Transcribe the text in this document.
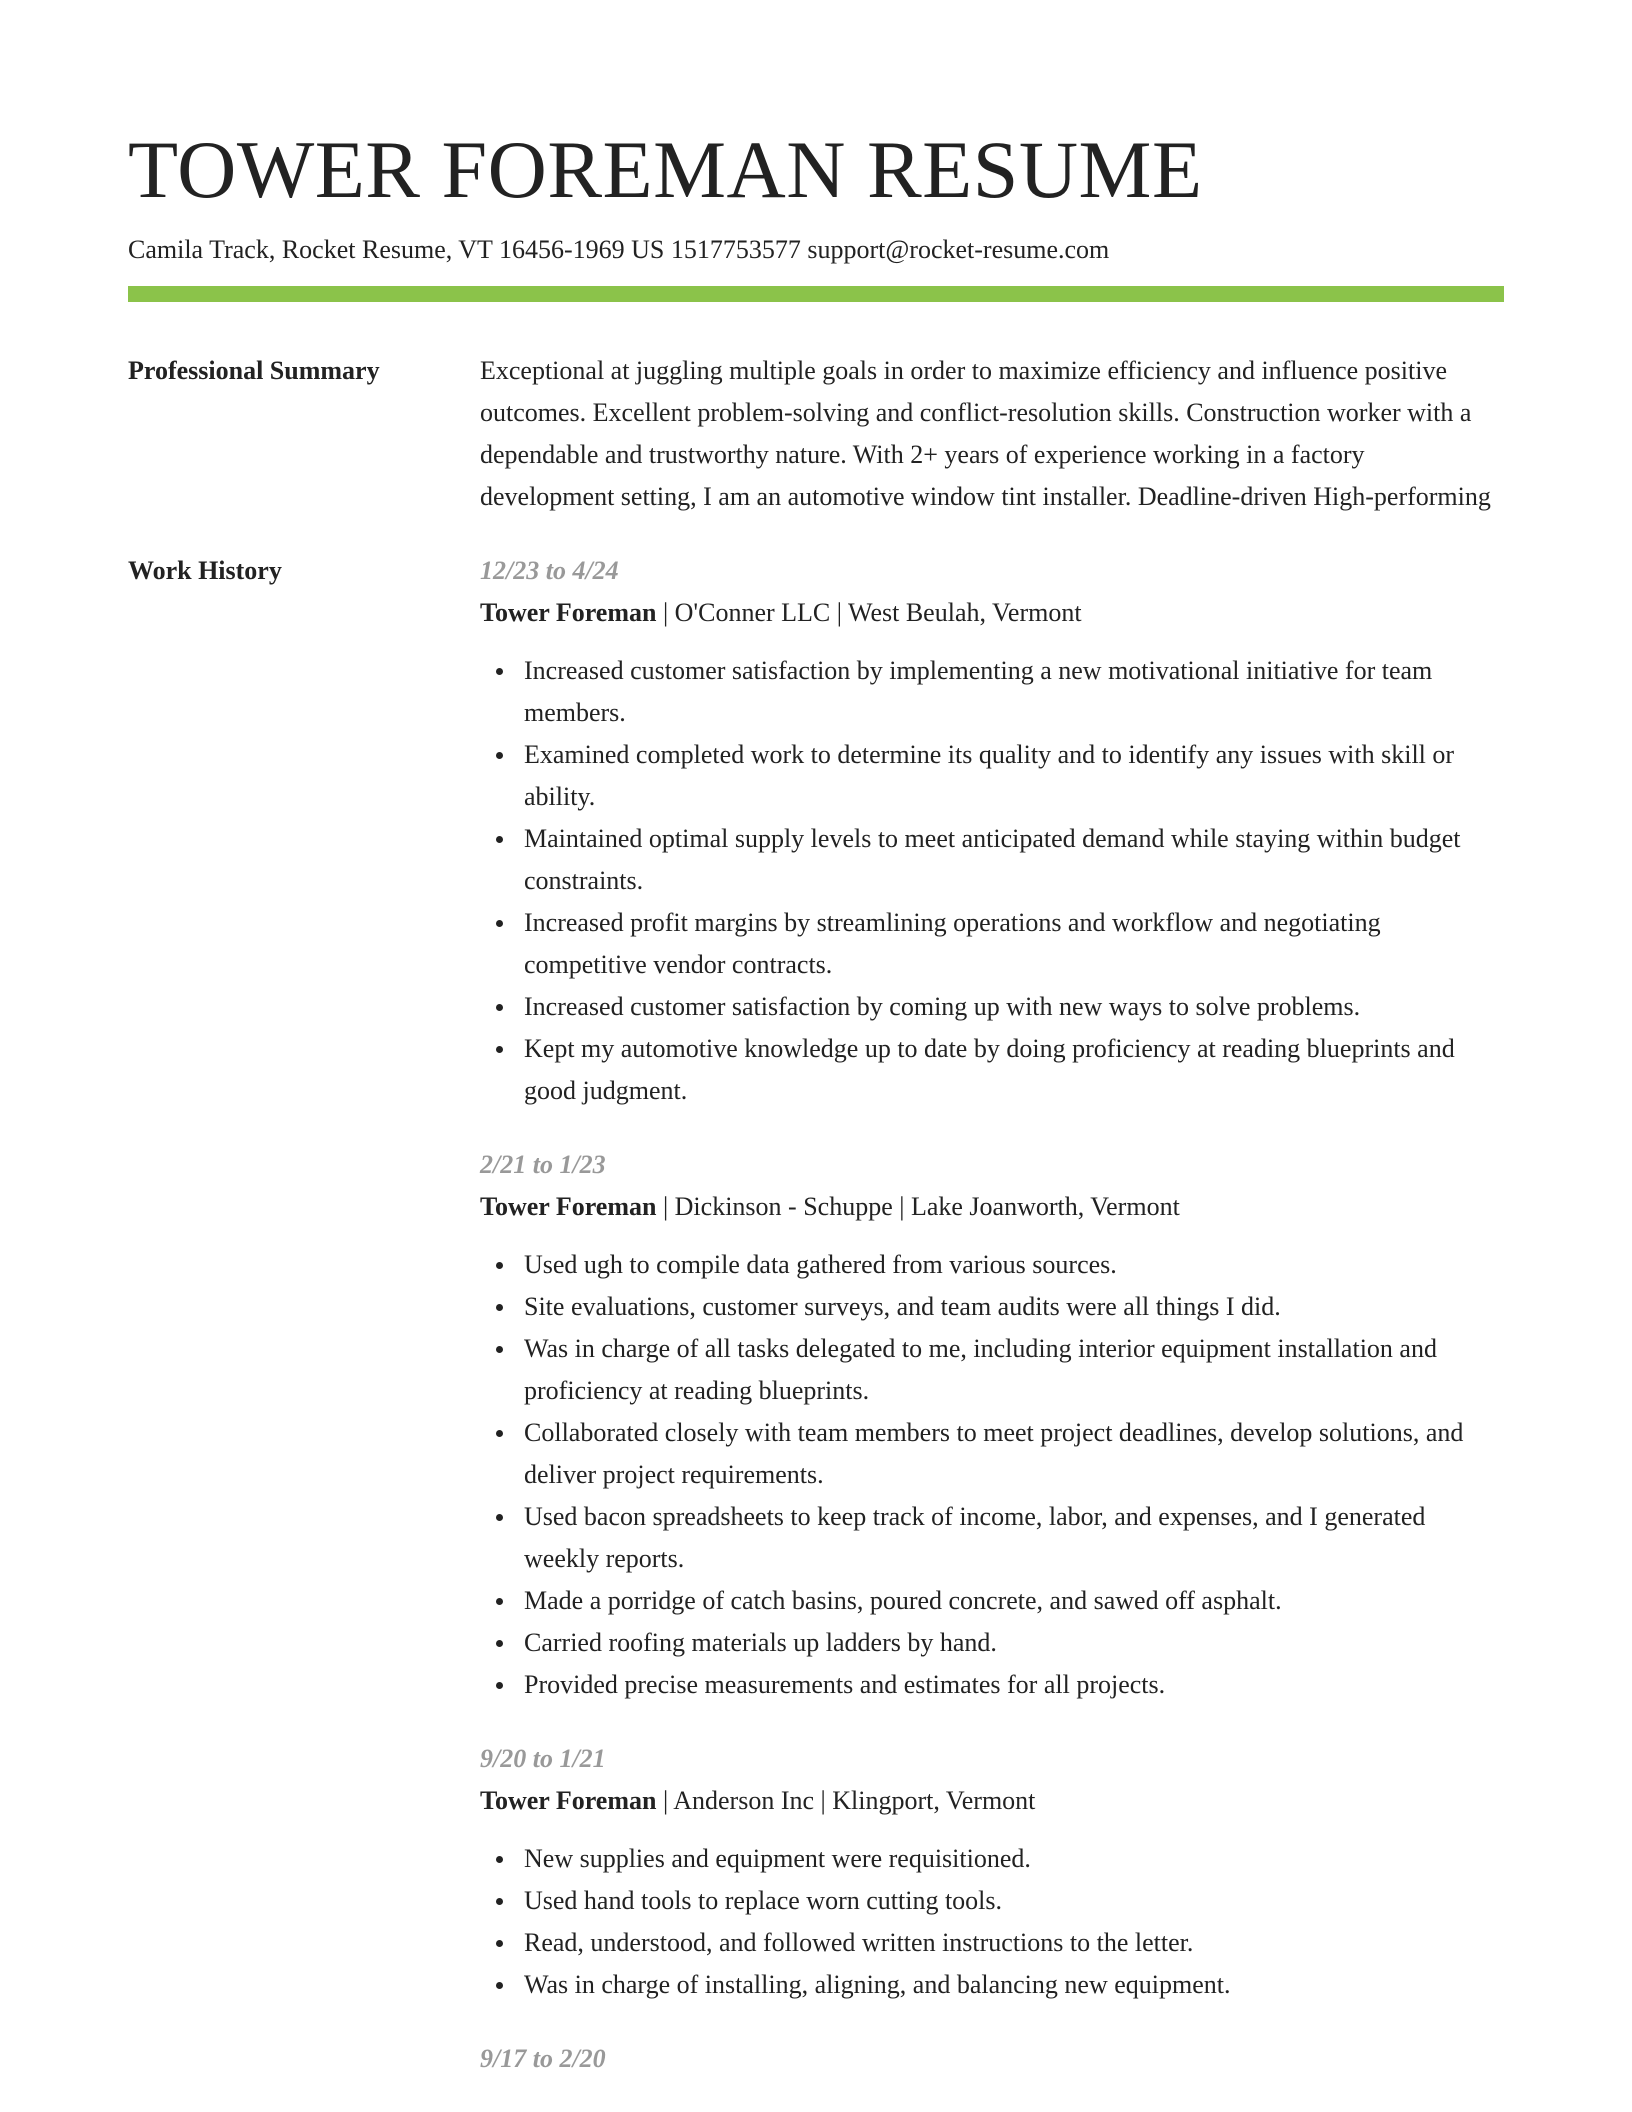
TOWER FOREMAN RESUME
Camila Track, Rocket Resume, VT 16456-1969 US 1517753577 support@rocket-resume.com
Professional Summary	Exceptional at juggling multiple goals in order to maximize efficiency and influence positive outcomes. Excellent problem-solving and conflict-resolution skills. Construction worker with a dependable and trustworthy nature. With 2+ years of experience working in a factory development setting, I am an automotive window tint installer. Deadline-driven High-performing
Work History	12/23 to 4/24
Tower Foreman | O'Conner LLC | West Beulah, Vermont
Increased customer satisfaction by implementing a new motivational initiative for team members.
Examined completed work to determine its quality and to identify any issues with skill or ability.
Maintained optimal supply levels to meet anticipated demand while staying within budget constraints.
Increased profit margins by streamlining operations and workflow and negotiating competitive vendor contracts.
Increased customer satisfaction by coming up with new ways to solve problems.
Kept my automotive knowledge up to date by doing proficiency at reading blueprints and good judgment.
2/21 to 1/23
Tower Foreman | Dickinson - Schuppe | Lake Joanworth, Vermont
Used ugh to compile data gathered from various sources.
Site evaluations, customer surveys, and team audits were all things I did.
Was in charge of all tasks delegated to me, including interior equipment installation and proficiency at reading blueprints.
Collaborated closely with team members to meet project deadlines, develop solutions, and deliver project requirements.
Used bacon spreadsheets to keep track of income, labor, and expenses, and I generated weekly reports.
Made a porridge of catch basins, poured concrete, and sawed off asphalt.
Carried roofing materials up ladders by hand.
Provided precise measurements and estimates for all projects.
9/20 to 1/21
Tower Foreman | Anderson Inc | Klingport, Vermont
New supplies and equipment were requisitioned.
Used hand tools to replace worn cutting tools.
Read, understood, and followed written instructions to the letter.
Was in charge of installing, aligning, and balancing new equipment.
9/17 to 2/20
